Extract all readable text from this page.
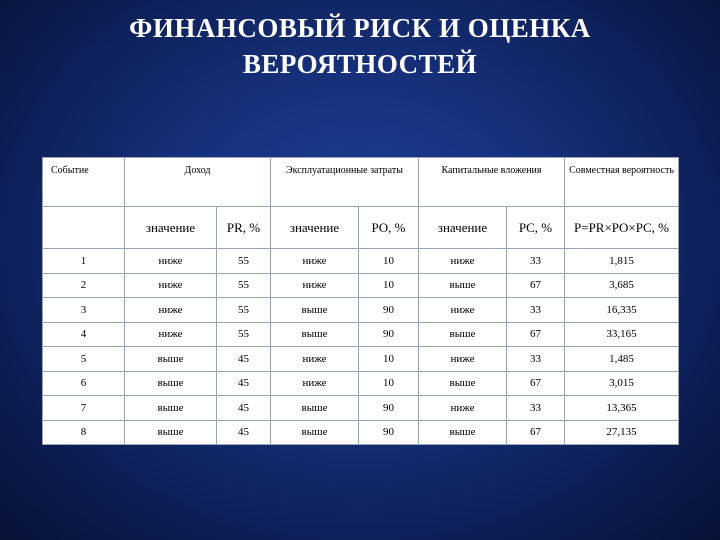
ФИНАНСОВЫЙ РИСК И ОЦЕНКА
ВЕРОЯТНОСТЕЙ
Событие	Доход		Эксплуатационные затраты		Капитальные вложения		Совместная вероятность
	значение	PR, %	значение	PO, %	значение	PC, %	P=PR×PO×PC, %
1	ниже	55	ниже	10	ниже	33	1,815
2	ниже	55	ниже	10	выше	67	3,685
3	ниже	55	выше	90	ниже	33	16,335
4	ниже	55	выше	90	выше	67	33,165
5	выше	45	ниже	10	ниже	33	1,485
6	выше	45	ниже	10	выше	67	3,015
7	выше	45	выше	90	ниже	33	13,365
8	выше	45	выше	90	выше	67	27,135
